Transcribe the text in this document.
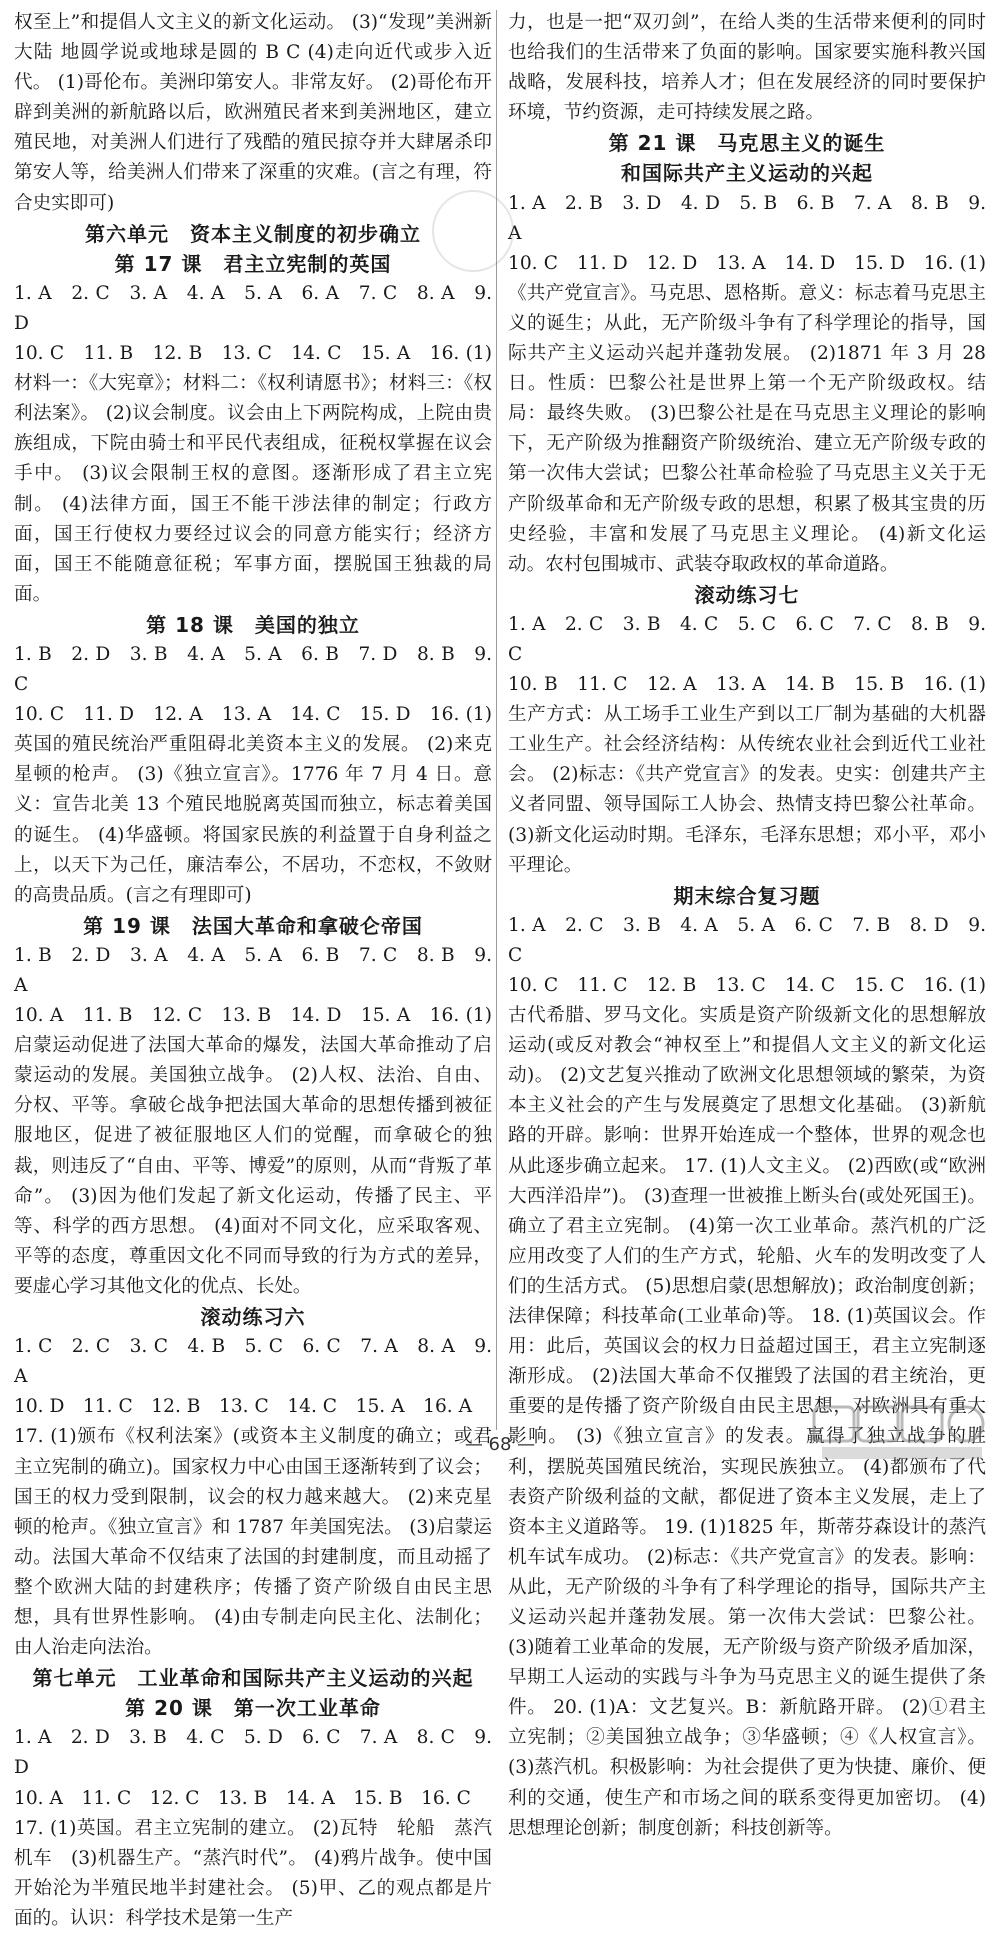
权至上”和提倡人文主义的新文化运动。 (3)“发现”美洲新大陆 地圆学说或地球是圆的 B C (4)走向近代或步入近代。 (1)哥伦布。美洲印第安人。非常友好。 (2)哥伦布开辟到美洲的新航路以后，欧洲殖民者来到美洲地区，建立殖民地，对美洲人们进行了残酷的殖民掠夺并大肆屠杀印第安人等，给美洲人们带来了深重的灾难。(言之有理，符合史实即可)

第六单元　资本主义制度的初步确立

第 17 课　君主立宪制的英国

1. A　2. C　3. A　4. A　5. A　6. A　7. C　8. A　9. D

10. C　11. B　12. B　13. C　14. C　15. A　16. (1)材料一：《大宪章》；材料二：《权利请愿书》；材料三：《权利法案》。 (2)议会制度。议会由上下两院构成，上院由贵族组成，下院由骑士和平民代表组成，征税权掌握在议会手中。 (3)议会限制王权的意图。逐渐形成了君主立宪制。 (4)法律方面，国王不能干涉法律的制定；行政方面，国王行使权力要经过议会的同意方能实行；经济方面，国王不能随意征税；军事方面，摆脱国王独裁的局面。

第 18 课　美国的独立

1. B　2. D　3. B　4. A　5. A　6. B　7. D　8. B　9. C

10. C　11. D　12. A　13. A　14. C　15. D　16. (1)英国的殖民统治严重阻碍北美资本主义的发展。 (2)来克星顿的枪声。 (3)《独立宣言》。1776 年 7 月 4 日。意义：宣告北美 13 个殖民地脱离英国而独立，标志着美国的诞生。 (4)华盛顿。将国家民族的利益置于自身利益之上，以天下为己任，廉洁奉公，不居功，不恋权，不敛财的高贵品质。(言之有理即可)

第 19 课　法国大革命和拿破仑帝国

1. B　2. D　3. A　4. A　5. A　6. B　7. C　8. B　9. A

10. A　11. B　12. C　13. B　14. D　15. A　16. (1)启蒙运动促进了法国大革命的爆发，法国大革命推动了启蒙运动的发展。美国独立战争。 (2)人权、法治、自由、分权、平等。拿破仑战争把法国大革命的思想传播到被征服地区，促进了被征服地区人们的觉醒，而拿破仑的独裁，则违反了“自由、平等、博爱”的原则，从而“背叛了革命”。 (3)因为他们发起了新文化运动，传播了民主、平等、科学的西方思想。 (4)面对不同文化，应采取客观、平等的态度，尊重因文化不同而导致的行为方式的差异，要虚心学习其他文化的优点、长处。

滚动练习六

1. C　2. C　3. C　4. B　5. C　6. C　7. A　8. A　9. A

10. D　11. C　12. B　13. C　14. C　15. A　16. A

17. (1)颁布《权利法案》(或资本主义制度的确立；或君主立宪制的确立)。国家权力中心由国王逐渐转到了议会；国王的权力受到限制，议会的权力越来越大。 (2)来克星顿的枪声。《独立宣言》和 1787 年美国宪法。 (3)启蒙运动。法国大革命不仅结束了法国的封建制度，而且动摇了整个欧洲大陆的封建秩序；传播了资产阶级自由民主思想，具有世界性影响。 (4)由专制走向民主化、法制化；由人治走向法治。

第七单元　工业革命和国际共产主义运动的兴起

第 20 课　第一次工业革命

1. A　2. D　3. B　4. C　5. D　6. C　7. A　8. C　9. D

10. A　11. C　12. C　13. B　14. A　15. B　16. C

17. (1)英国。君主立宪制的建立。 (2)瓦特　轮船　蒸汽机车　(3)机器生产。“蒸汽时代”。 (4)鸦片战争。使中国开始沦为半殖民地半封建社会。 (5)甲、乙的观点都是片面的。认识：科学技术是第一生产

力，也是一把“双刃剑”，在给人类的生活带来便利的同时也给我们的生活带来了负面的影响。国家要实施科教兴国战略，发展科技，培养人才；但在发展经济的同时要保护环境，节约资源，走可持续发展之路。

第 21 课　马克思主义的诞生

和国际共产主义运动的兴起

1. A　2. B　3. D　4. D　5. B　6. B　7. A　8. B　9. A

10. C　11. D　12. D　13. A　14. D　15. D　16. (1)《共产党宣言》。马克思、恩格斯。意义：标志着马克思主义的诞生；从此，无产阶级斗争有了科学理论的指导，国际共产主义运动兴起并蓬勃发展。 (2)1871 年 3 月 28 日。性质：巴黎公社是世界上第一个无产阶级政权。结局：最终失败。 (3)巴黎公社是在马克思主义理论的影响下，无产阶级为推翻资产阶级统治、建立无产阶级专政的第一次伟大尝试；巴黎公社革命检验了马克思主义关于无产阶级革命和无产阶级专政的思想，积累了极其宝贵的历史经验，丰富和发展了马克思主义理论。 (4)新文化运动。农村包围城市、武装夺取政权的革命道路。

滚动练习七

1. A　2. C　3. B　4. C　5. C　6. C　7. C　8. B　9. C

10. B　11. C　12. A　13. A　14. B　15. B　16. (1)生产方式：从工场手工业生产到以工厂制为基础的大机器工业生产。社会经济结构：从传统农业社会到近代工业社会。 (2)标志：《共产党宣言》的发表。史实：创建共产主义者同盟、领导国际工人协会、热情支持巴黎公社革命。 (3)新文化运动时期。毛泽东，毛泽东思想；邓小平，邓小平理论。

期末综合复习题

1. A　2. C　3. B　4. A　5. A　6. C　7. B　8. D　9. C

10. C　11. C　12. B　13. C　14. C　15. C　16. (1)古代希腊、罗马文化。实质是资产阶级新文化的思想解放运动(或反对教会“神权至上”和提倡人文主义的新文化运动)。 (2)文艺复兴推动了欧洲文化思想领域的繁荣，为资本主义社会的产生与发展奠定了思想文化基础。 (3)新航路的开辟。影响：世界开始连成一个整体，世界的观念也从此逐步确立起来。 17. (1)人文主义。 (2)西欧(或“欧洲大西洋沿岸”)。 (3)查理一世被推上断头台(或处死国王)。确立了君主立宪制。 (4)第一次工业革命。蒸汽机的广泛应用改变了人们的生产方式，轮船、火车的发明改变了人们的生活方式。 (5)思想启蒙(思想解放)；政治制度创新；法律保障；科技革命(工业革命)等。 18. (1)英国议会。作用：此后，英国议会的权力日益超过国王，君主立宪制逐渐形成。 (2)法国大革命不仅摧毁了法国的君主统治，更重要的是传播了资产阶级自由民主思想，对欧洲具有重大影响。 (3)《独立宣言》的发表。赢得了独立战争的胜利，摆脱英国殖民统治，实现民族独立。 (4)都颁布了代表资产阶级利益的文献，都促进了资本主义发展，走上了资本主义道路等。 19. (1)1825 年，斯蒂芬森设计的蒸汽机车试车成功。 (2)标志：《共产党宣言》的发表。影响：从此，无产阶级的斗争有了科学理论的指导，国际共产主义运动兴起并蓬勃发展。第一次伟大尝试：巴黎公社。 (3)随着工业革命的发展，无产阶级与资产阶级矛盾加深，早期工人运动的实践与斗争为马克思主义的诞生提供了条件。 20. (1)A：文艺复兴。B：新航路开辟。 (2)①君主立宪制；②美国独立战争；③华盛顿；④《人权宣言》。 (3)蒸汽机。积极影响：为社会提供了更为快捷、廉价、便利的交通，使生产和市场之间的联系变得更加密切。 (4)思想理论创新；制度创新；科技创新等。

— 68 —
